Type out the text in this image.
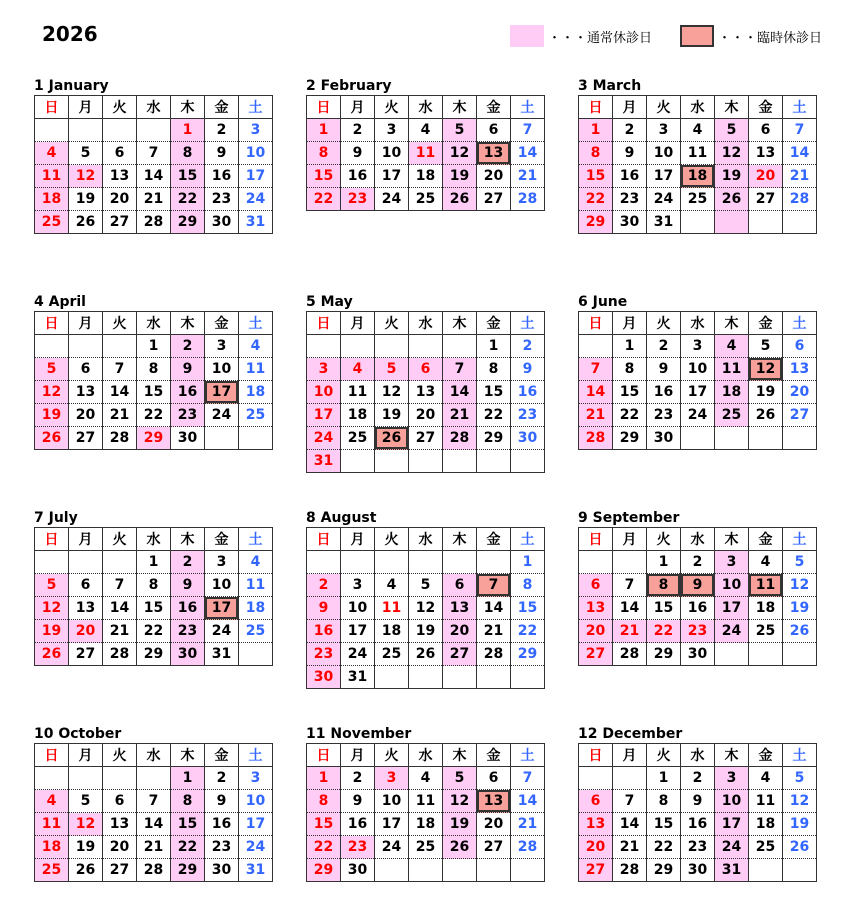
2026	・・・通常休診日	・・・臨時休診日
1 January
日	月	火	水	木	金	土
				1	2	3
4	5	6	7	8	9	10
11	12	13	14	15	16	17
18	19	20	21	22	23	24
25	26	27	28	29	30	31
2 February
日	月	火	水	木	金	土
1	2	3	4	5	6	7
8	9	10	11	12	13	14
15	16	17	18	19	20	21
22	23	24	25	26	27	28
3 March
日	月	火	水	木	金	土
1	2	3	4	5	6	7
8	9	10	11	12	13	14
15	16	17	18	19	20	21
22	23	24	25	26	27	28
29	30	31				
4 April
日	月	火	水	木	金	土
			1	2	3	4
5	6	7	8	9	10	11
12	13	14	15	16	17	18
19	20	21	22	23	24	25
26	27	28	29	30		
5 May
日	月	火	水	木	金	土
					1	2
3	4	5	6	7	8	9
10	11	12	13	14	15	16
17	18	19	20	21	22	23
24	25	26	27	28	29	30
31						
6 June
日	月	火	水	木	金	土
	1	2	3	4	5	6
7	8	9	10	11	12	13
14	15	16	17	18	19	20
21	22	23	24	25	26	27
28	29	30				
7 July
日	月	火	水	木	金	土
			1	2	3	4
5	6	7	8	9	10	11
12	13	14	15	16	17	18
19	20	21	22	23	24	25
26	27	28	29	30	31	
8 August
日	月	火	水	木	金	土
						1
2	3	4	5	6	7	8
9	10	11	12	13	14	15
16	17	18	19	20	21	22
23	24	25	26	27	28	29
30	31					
9 September
日	月	火	水	木	金	土
		1	2	3	4	5
6	7	8	9	10	11	12
13	14	15	16	17	18	19
20	21	22	23	24	25	26
27	28	29	30			
10 October
日	月	火	水	木	金	土
				1	2	3
4	5	6	7	8	9	10
11	12	13	14	15	16	17
18	19	20	21	22	23	24
25	26	27	28	29	30	31
11 November
日	月	火	水	木	金	土
1	2	3	4	5	6	7
8	9	10	11	12	13	14
15	16	17	18	19	20	21
22	23	24	25	26	27	28
29	30					
12 December
日	月	火	水	木	金	土
		1	2	3	4	5
6	7	8	9	10	11	12
13	14	15	16	17	18	19
20	21	22	23	24	25	26
27	28	29	30	31		
